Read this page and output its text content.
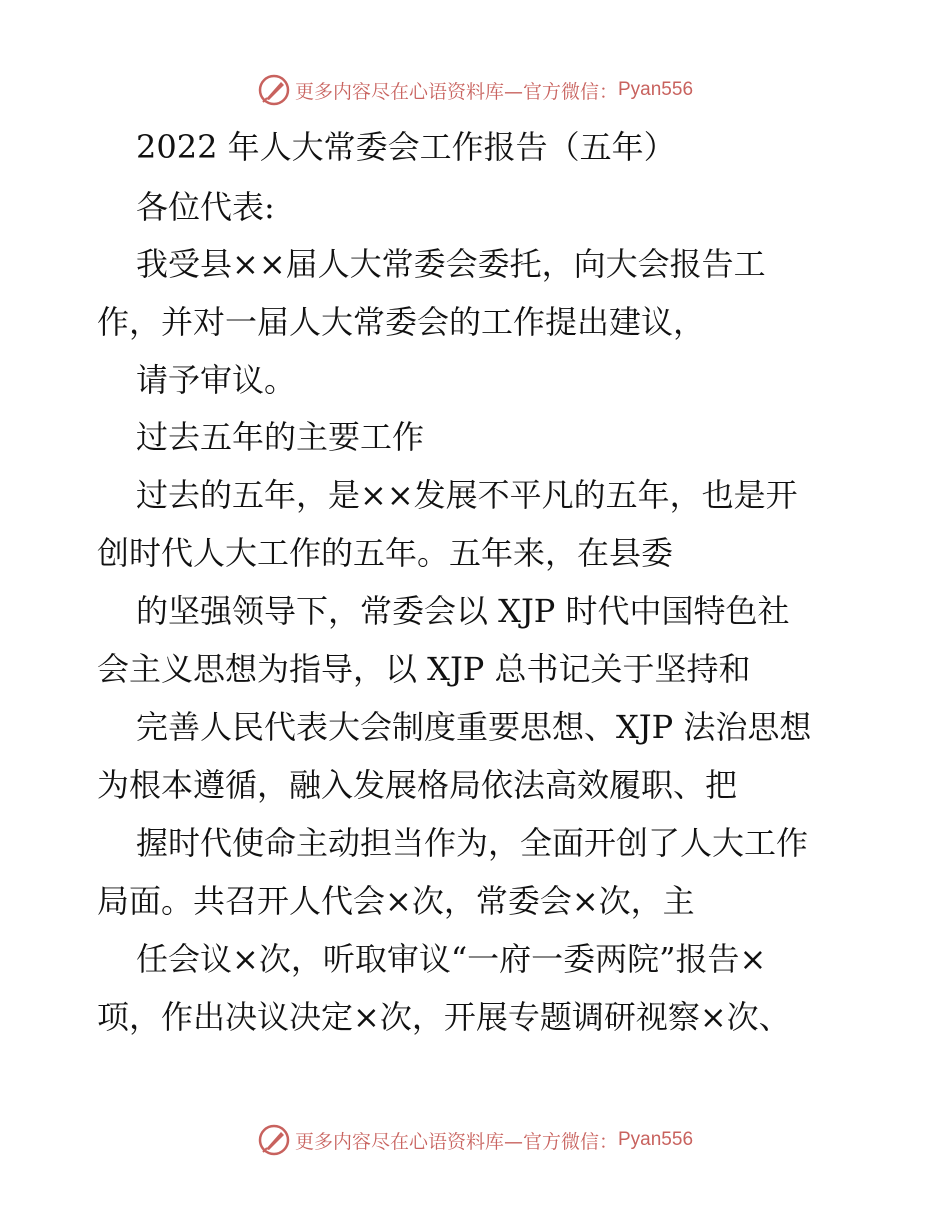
更多内容尽在心语资料库—官方微信： Pyan556
2022 年人大常委会工作报告（五年）
各位代表:
我受县××届人大常委会委托，向大会报告工
作，并对一届人大常委会的工作提出建议，
请予审议。
过去五年的主要工作
过去的五年，是××发展不平凡的五年，也是开
创时代人大工作的五年。五年来，在县委
的坚强领导下，常委会以 XJP 时代中国特色社
会主义思想为指导，以 XJP 总书记关于坚持和
完善人民代表大会制度重要思想、XJP 法治思想
为根本遵循，融入发展格局依法高效履职、把
握时代使命主动担当作为，全面开创了人大工作
局面。共召开人代会×次，常委会×次，主
任会议×次，听取审议“一府一委两院”报告×
项，作出决议决定×次，开展专题调研视察×次、
更多内容尽在心语资料库—官方微信： Pyan556
